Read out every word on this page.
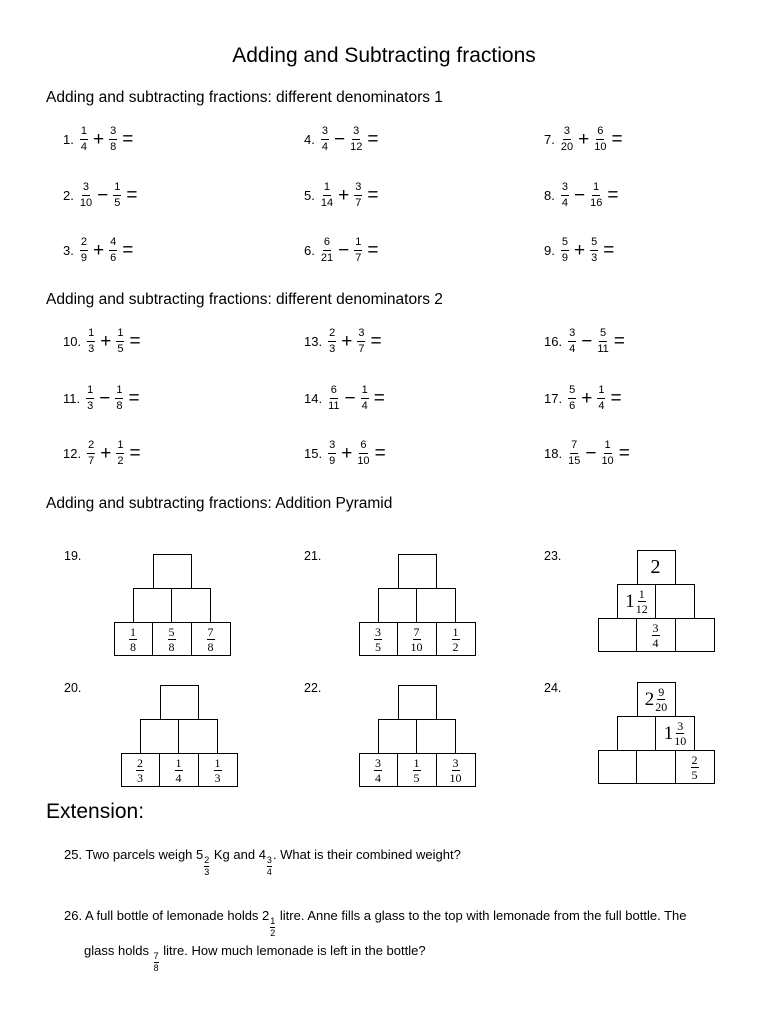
Adding and Subtracting fractions
Adding and subtracting fractions: different denominators 1
Adding and subtracting fractions: different denominators 2
Adding and subtracting fractions: Addition Pyramid
1. $\frac{1}{4} + \frac{3}{8}$ =
2. $\frac{3}{10} - \frac{1}{5}$ =
3. $\frac{2}{9} + \frac{4}{6}$ =
4. $\frac{3}{4} - \frac{3}{12}$ =
5. $\frac{1}{14} + \frac{3}{7}$ =
6. $\frac{6}{21} - \frac{1}{7}$ =
7. $\frac{3}{20} + \frac{6}{10}$ =
8. $\frac{3}{4} - \frac{1}{16}$ =
9. $\frac{5}{9} + \frac{5}{3}$ =
10. $\frac{1}{3} + \frac{1}{5}$ =
11. $\frac{1}{3} - \frac{1}{8}$ =
12. $\frac{2}{7} + \frac{1}{2}$ =
13. $\frac{2}{3} + \frac{3}{7}$ =
14. $\frac{6}{11} - \frac{1}{4}$ =
15. $\frac{3}{9} + \frac{6}{10}$ =
16. $\frac{3}{4} - \frac{5}{11}$ =
17. $\frac{5}{6} + \frac{1}{4}$ =
18. $\frac{7}{15} - \frac{1}{10}$ =
19.
$\frac{1}{8}$	$\frac{5}{8}$	$\frac{7}{8}$
20.
$\frac{2}{3}$	$\frac{1}{4}$	$\frac{1}{3}$
21.
$\frac{3}{5} \frac{7}{10} \frac{1}{2}$
22.
$\frac{3}{4}$	$\frac{1}{5} \frac{3}{10}$
23.	2
$1 \frac{1}{12}$
$\frac{3}{4}$
24.
$2 \frac{9}{20}$
$1 \frac{3}{10}$
$\frac{2}{5}$
Extension:
25. Two parcels weigh 5
$\frac{2}{3}$
Kg and 4
$\frac{3}{4}$
. What is their combined weight?
26. A full bottle of lemonade holds 2
$\frac{1}{2}$
litre. Anne fills a glass to the top with lemonade from the full bottle. The
glass holds
$\frac{7}{8}$
litre. How much lemonade is left in the bottle?
